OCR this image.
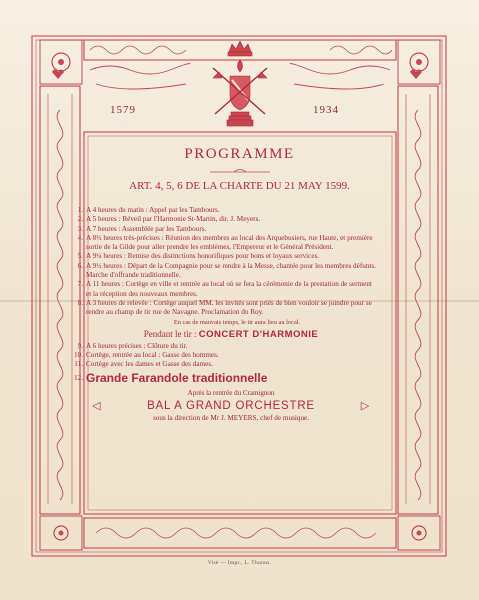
1579	1934
PROGRAMME
ART. 4, 5, 6 DE LA CHARTE DU 21 MAY 1599.
1. A 4 heures du matin : Appel par les Tambours.
2. A 5 heures : Réveil par l'Harmonie St-Martin, dir. J. Meyers.
3. A 7 heures : Assemblée par les Tambours.
4. A 8½ heures très-précises : Réunion des membres au local des Arquebusiers, rue Haute, et première sortie de la Gilde pour aller prendre les emblèmes, l'Empereur et le Général Président.
5. A 9¼ heures : Remise des distinctions honorifiques pour bons et loyaux services.
6. A 9½ heures : Départ de la Compagnie pour se rendre à la Messe, chantée pour les membres défunts. Marche d'offrande traditionnelle.
7. A 11 heures : Cortège en ville et rentrée au local où se fera la cérémonie de la prestation de serment et la réception des nouveaux membres.
8. A 3 heures de relevée : Cortège auquel MM. les invités sont priés de bien vouloir se joindre pour se rendre au champ de tir rue de Navagne. Proclamation du Roy.
En cas de mauvais temps, le tir aura lieu au local.
Pendant le tir : CONCERT D'HARMONIE
9. A 6 heures précises : Clôture du tir.
10. Cortège, rentrée au local : Gasse des hommes.
11. Cortège avec les dames et Gasse des dames.
12. Grande Farandole traditionnelle
Après la rentrée du Cramignon
◁	BAL A GRAND ORCHESTRE	▷
sous la direction de Mr J. MEYERS, chef de musique.
Visé — Impr., L. Thunus.
